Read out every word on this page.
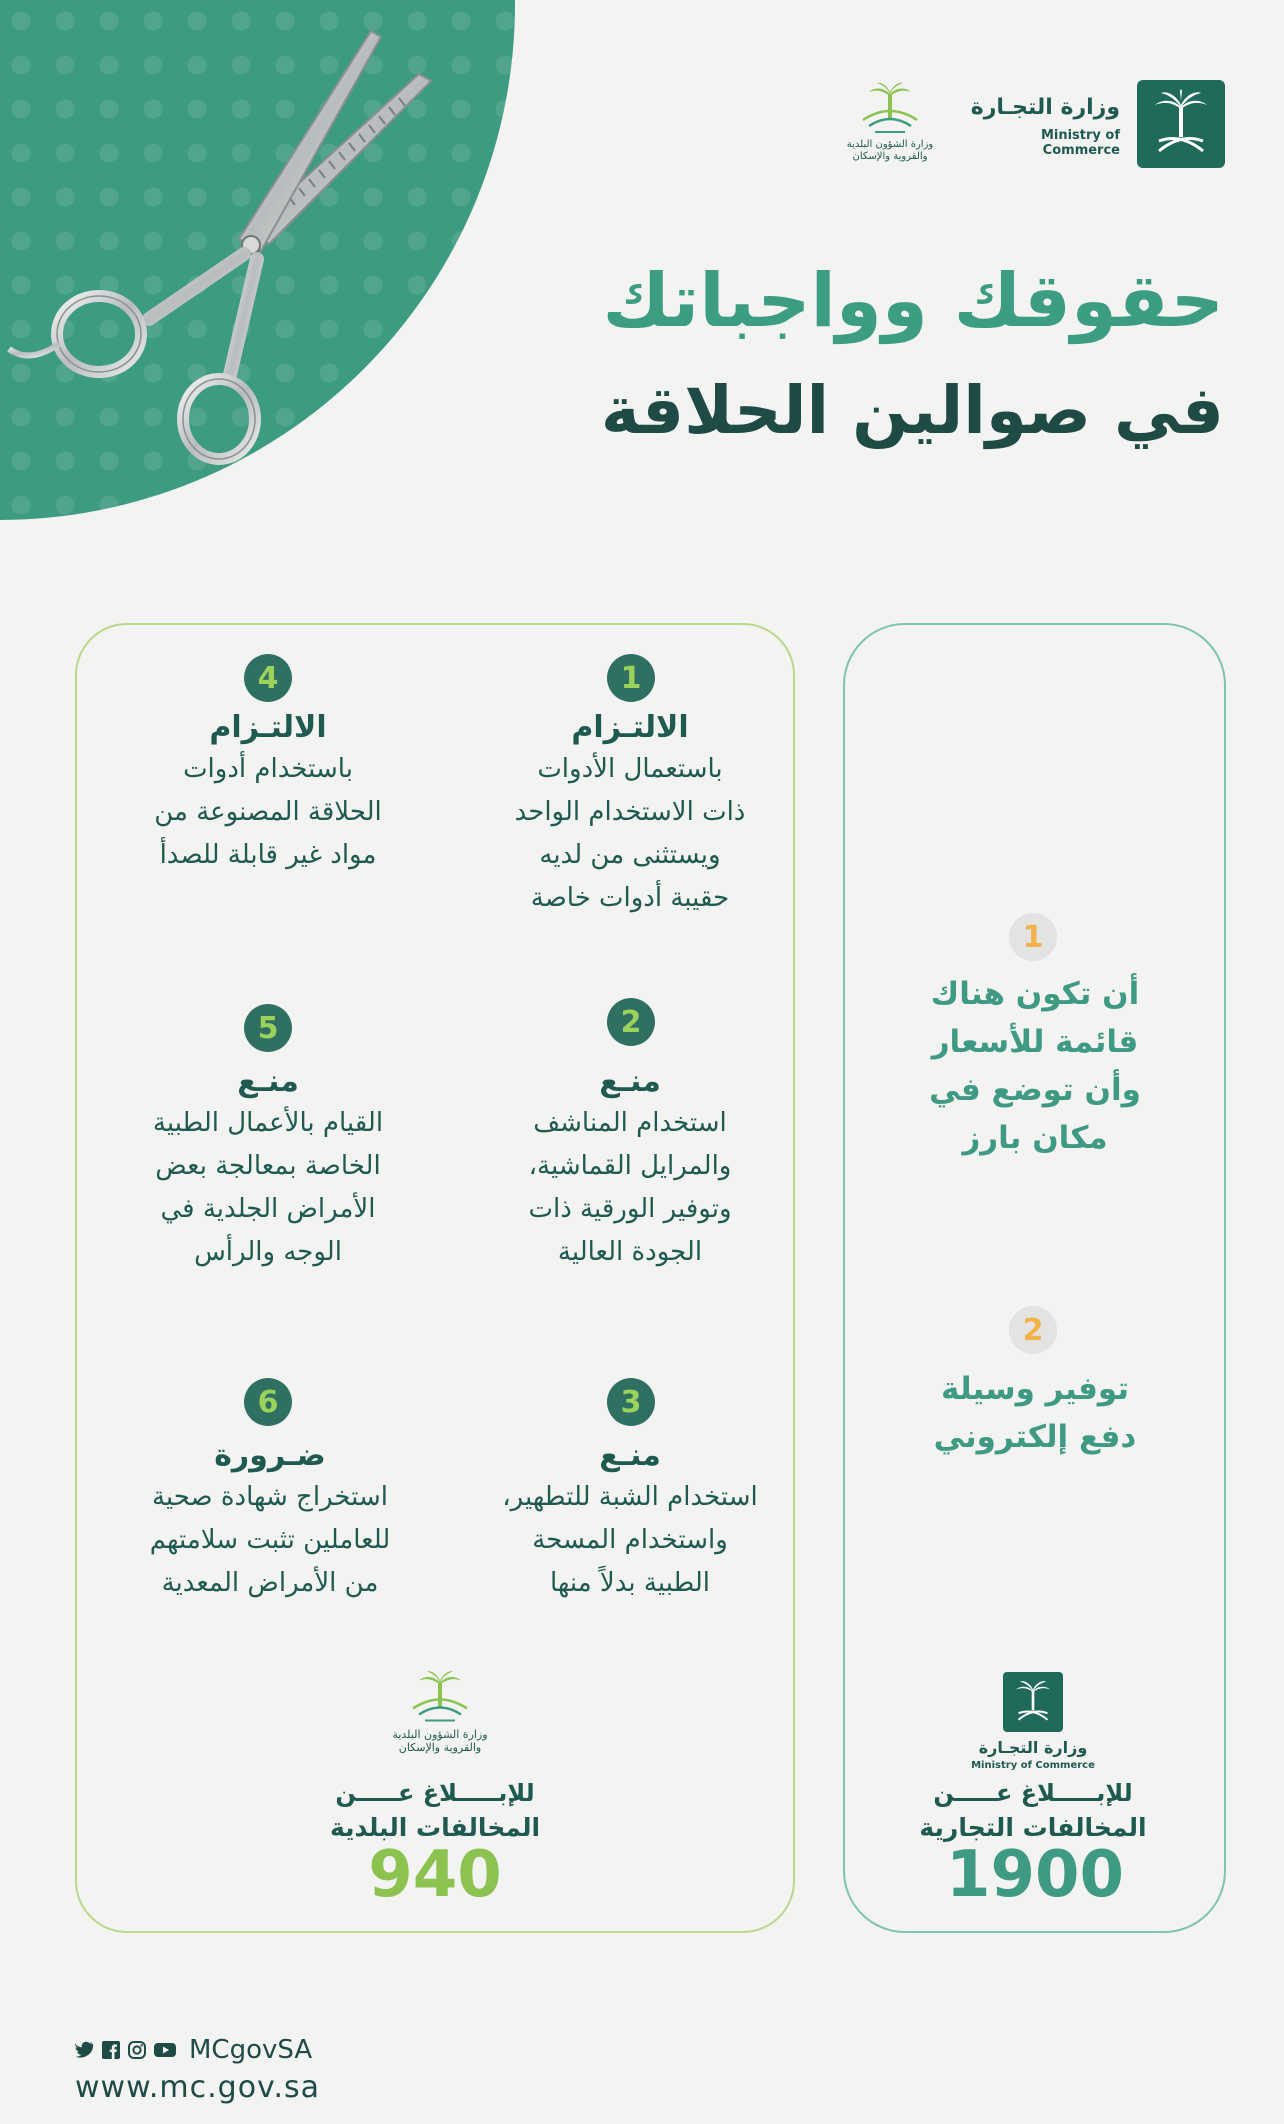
وزارة التجـارة
Ministry of Commerce
وزارة الشؤون البلدية
والقروية والإسكان
حقوقك وواجباتك
في صوالين الحلاقة
1
الالتـزام
باستعمال الأدوات
ذات الاستخدام الواحد
ويستثنى من لديه
حقيبة أدوات خاصة
2
منـع
استخدام المناشف
والمرايل القماشية،
وتوفير الورقية ذات
الجودة العالية
3
منـع
استخدام الشبة للتطهير،
واستخدام المسحة
الطبية بدلاً منها
4
الالتـزام
باستخدام أدوات
الحلاقة المصنوعة من
مواد غير قابلة للصدأ
5
منـع
القيام بالأعمال الطبية
الخاصة بمعالجة بعض
الأمراض الجلدية في
الوجه والرأس
6
ضـرورة
استخراج شهادة صحية
للعاملين تثبت سلامتهم
من الأمراض المعدية
وزارة الشؤون البلدية
والقروية والإسكان
للإبـــــلاغ عـــــن
المخالفات البلدية
940
1
أن تكون هناك
قائمة للأسعار
وأن توضع في
مكان بارز
2
توفير وسيلة
دفع إلكتروني
وزارة التجـارة
Ministry of Commerce
للإبـــــلاغ عـــــن
المخالفات التجارية
1900
MCgovSA
www.mc.gov.sa
